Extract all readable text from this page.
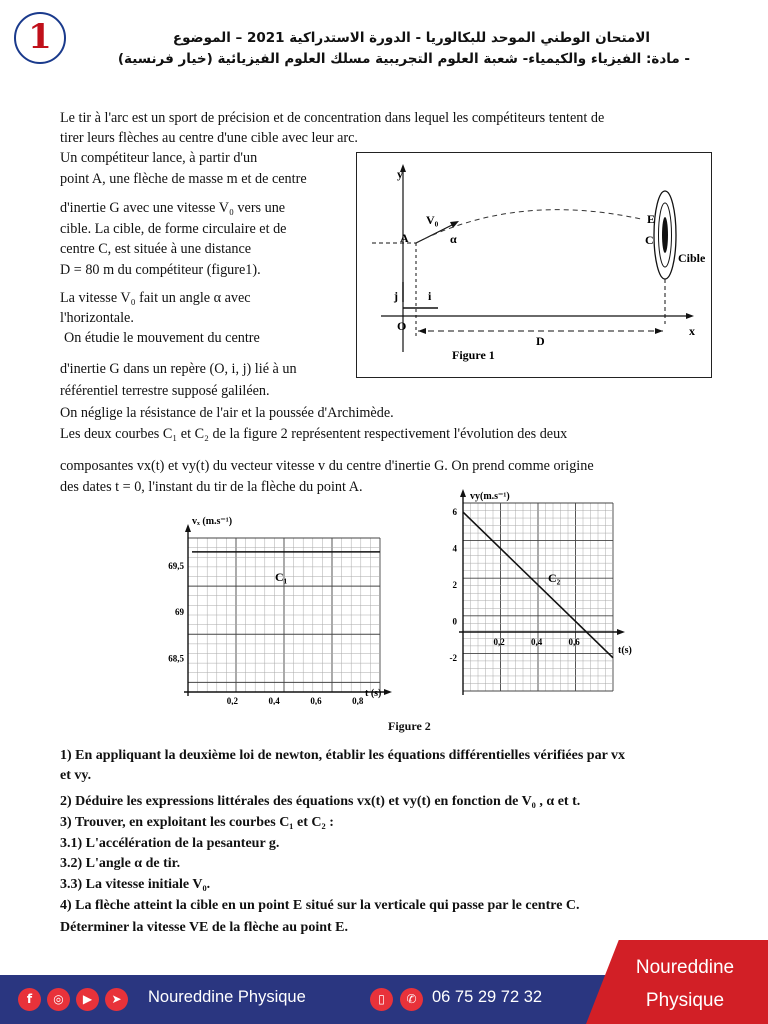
1	الامتحان الوطني الموحد للبكالوريا - الدورة الاستدراكية 2021 – الموضوع
- مادة: الفيزياء والكيمياء- شعبة العلوم التجريبية مسلك العلوم الفيزيائية (خيار فرنسية)
Le tir à l'arc est un sport de précision et de concentration dans lequel les compétiteurs tentent de
tirer leurs flèches au centre d'une cible avec leur arc.
Un compétiteur lance, à partir d'un
point A, une flèche de masse m et de centre
d'inertie G avec une vitesse V₀ vers une
cible. La cible, de forme circulaire et de
centre C, est située à une distance
D = 80 m du compétiteur (figure1).
La vitesse V₀ fait un angle α avec
l'horizontale.
On étudie le mouvement du centre
d'inertie G dans un repère (O, i, j) lié à un
référentiel terrestre supposé galiléen.
On néglige la résistance de l'air et la poussée d'Archimède.
Les deux courbes C₁ et C₂ de la figure 2 représentent respectivement l'évolution des deux
composantes vx(t) et vy(t) du vecteur vitesse v du centre d'inertie G. On prend comme origine
des dates t = 0, l'instant du tir de la flèche du point A.
y
x
O
A
V₀
α
E
C
Cible
j	i
D
Figure 1
vₓ (m.s⁻¹)
t (s)
0,2	0,4	0,6	0,8
68,5
69
69,5
C₁
vy(m.s⁻¹)
t(s)
0,2	0,4	0,6
-2
0
2
4
6
C₂
Figure 2
1) En appliquant la deuxième loi de newton, établir les équations différentielles vérifiées par vx
et vy.
2) Déduire les expressions littérales des équations vx(t) et vy(t) en fonction de V₀ , α et t.
3) Trouver, en exploitant les courbes C₁ et C₂ :
3.1) L'accélération de la pesanteur g.
3.2) L'angle α de tir.
3.3) La vitesse initiale V₀.
4) La flèche atteint la cible en un point E situé sur la verticale qui passe par le centre C.
Déterminer la vitesse VE de la flèche au point E.
f	◎	▶	➤	Noureddine Physique	▯	✆ 06 75 29 72 32
Noureddine
Physique
